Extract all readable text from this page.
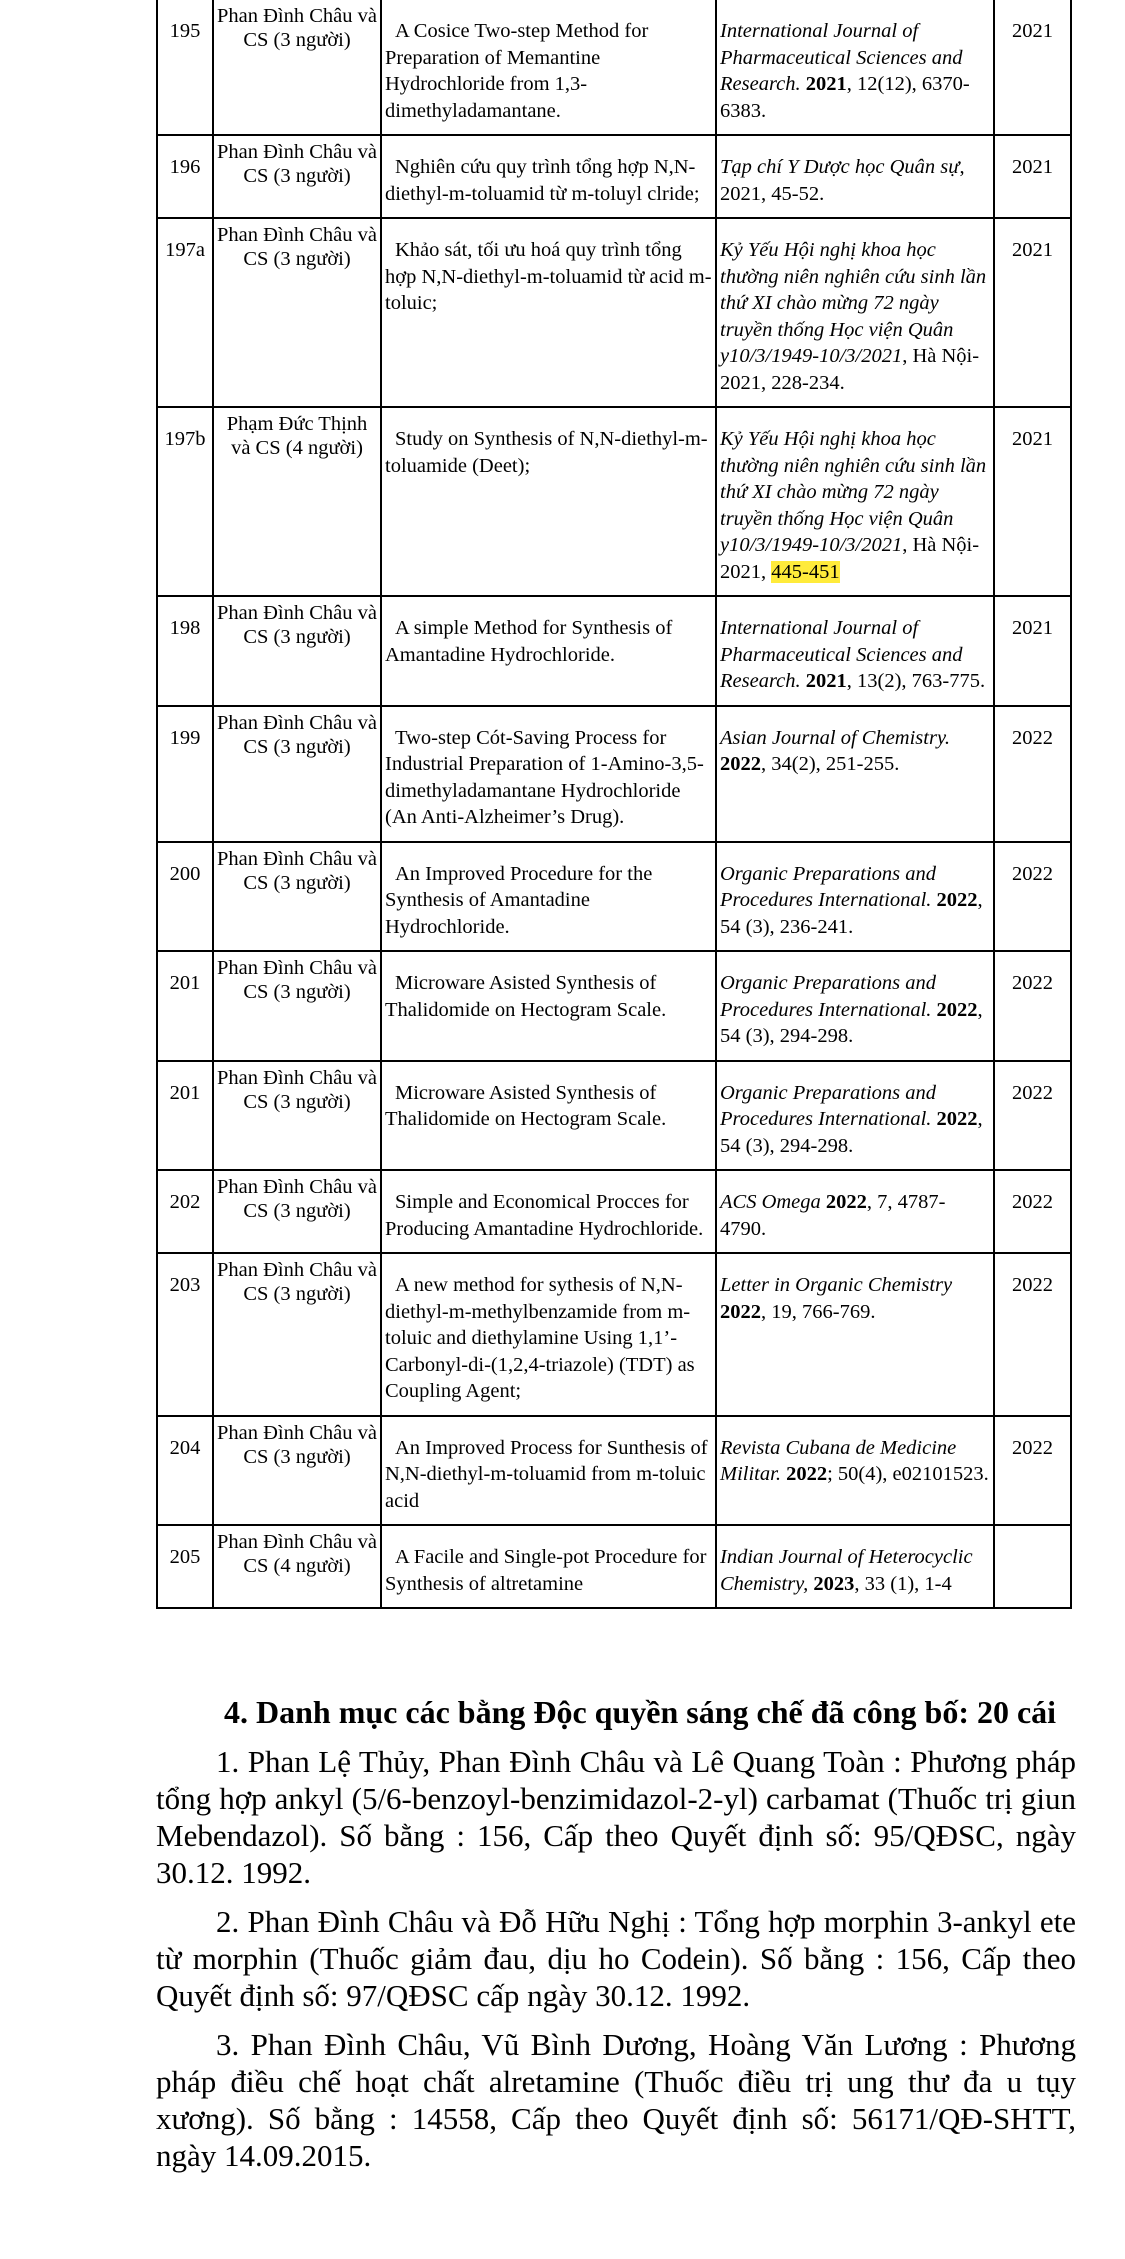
195	Phan Đình Châu và CS (3 người)	A Cosice Two-step Method for Preparation of Memantine Hydrochloride from 1,3-dimethyladamantane.	International Journal of Pharmaceutical Sciences and Research. 2021, 12(12), 6370-6383.	2021
196	Phan Đình Châu và CS (3 người)	Nghiên cứu quy trình tổng hợp N,N-diethyl-m-toluamid từ m-toluyl clride;	Tạp chí Y Dược học Quân sự, 2021, 45-52.	2021
197a	Phan Đình Châu và CS (3 người)	Khảo sát, tối ưu hoá quy trình tổng hợp N,N-diethyl-m-toluamid từ acid m-toluic;	Kỷ Yếu Hội nghị khoa học thường niên nghiên cứu sinh lần thứ XI chào mừng 72 ngày truyền thống Học viện Quân y10/3/1949-10/3/2021, Hà Nội-2021, 228-234.	2021
197b	Phạm Đức Thịnh và CS (4 người)	Study on Synthesis of N,N-diethyl-m-toluamide (Deet);	Kỷ Yếu Hội nghị khoa học thường niên nghiên cứu sinh lần thứ XI chào mừng 72 ngày truyền thống Học viện Quân y10/3/1949-10/3/2021, Hà Nội-2021, 445-451	2021
198	Phan Đình Châu và CS (3 người)	A simple Method for Synthesis of Amantadine Hydrochloride.	International Journal of Pharmaceutical Sciences and Research. 2021, 13(2), 763-775.	2021
199	Phan Đình Châu và CS (3 người)	Two-step Cót-Saving Process for Industrial Preparation of 1-Amino-3,5-dimethyladamantane Hydrochloride (An Anti-Alzheimer’s Drug).	Asian Journal of Chemistry. 2022, 34(2), 251-255.	2022
200	Phan Đình Châu và CS (3 người)	An Improved Procedure for the Synthesis of Amantadine Hydrochloride.	Organic Preparations and Procedures International. 2022, 54 (3), 236-241.	2022
201	Phan Đình Châu và CS (3 người)	Microware Asisted Synthesis of Thalidomide on Hectogram Scale.	Organic Preparations and Procedures International. 2022, 54 (3), 294-298.	2022
201	Phan Đình Châu và CS (3 người)	Microware Asisted Synthesis of Thalidomide on Hectogram Scale.	Organic Preparations and Procedures International. 2022, 54 (3), 294-298.	2022
202	Phan Đình Châu và CS (3 người)	Simple and Economical Procces for Producing Amantadine Hydrochloride.	ACS Omega 2022, 7, 4787-4790.	2022
203	Phan Đình Châu và CS (3 người)	A new method for sythesis of N,N-diethyl-m-methylbenzamide from m-toluic and diethylamine Using 1,1’-Carbonyl-di-(1,2,4-triazole) (TDT) as Coupling Agent;	Letter in Organic Chemistry 2022, 19, 766-769.	2022
204	Phan Đình Châu và CS (3 người)	An Improved Process for Sunthesis of N,N-diethyl-m-toluamid from m-toluic acid	Revista Cubana de Medicine Militar. 2022; 50(4), e02101523.	2022
205	Phan Đình Châu và CS (4 người)	A Facile and Single-pot Procedure for Synthesis of altretamine	Indian Journal of Heterocyclic Chemistry, 2023, 33 (1), 1-4	
4. Danh mục các bằng Độc quyền sáng chế đã công bố: 20 cái

1. Phan Lệ Thủy, Phan Đình Châu và Lê Quang Toàn : Phương pháp tổng hợp ankyl (5/6-benzoyl-benzimidazol-2-yl) carbamat (Thuốc trị giun Mebendazol). Số bằng : 156, Cấp theo Quyết định số: 95/QĐSC, ngày 30.12. 1992.

2. Phan Đình Châu và Đỗ Hữu Nghị : Tổng hợp morphin 3-ankyl ete từ morphin (Thuốc giảm đau, dịu ho Codein). Số bằng : 156, Cấp theo Quyết định số: 97/QĐSC cấp ngày 30.12. 1992.

3. Phan Đình Châu, Vũ Bình Dương, Hoàng Văn Lương : Phương pháp điều chế hoạt chất alretamine (Thuốc điều trị ung thư đa u tụy xương). Số bằng : 14558, Cấp theo Quyết định số: 56171/QĐ-SHTT, ngày 14.09.2015.
